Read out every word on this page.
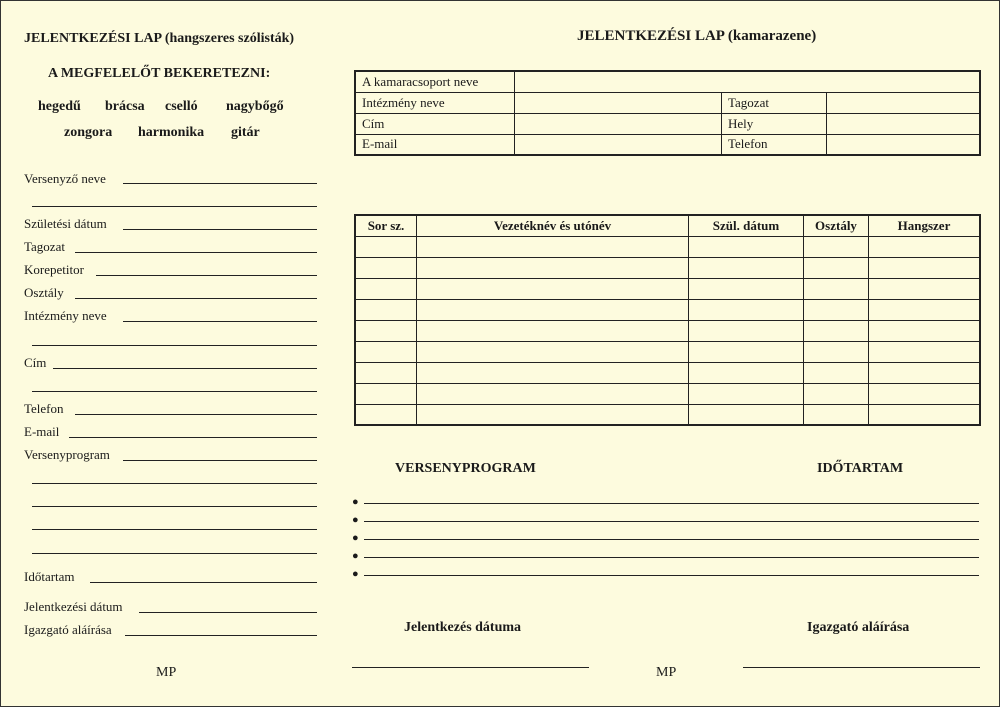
JELENTKEZÉSI LAP (hangszeres szólisták)
A MEGFELELŐT BEKERETEZNI:
hegedű brácsa cselló nagybőgő
zongora harmonika gitár
Versenyző neve
Születési dátum
Tagozat
Korepetitor
Osztály
Intézmény neve
Cím
Telefon
E-mail
Versenyprogram
Időtartam
Jelentkezési dátum
Igazgató aláírása
MP
JELENTKEZÉSI LAP (kamarazene)
A kamaracsoport neve			
Intézmény neve		Tagozat	
Cím		Hely	
E-mail		Telefon	
Sor sz.	Vezetéknév és utónév	Szül. dátum	Osztály	Hangszer

VERSENYPROGRAM	IDŐTARTAM
●
●
●
●
●
Jelentkezés dátuma	Igazgató aláírása
MP
